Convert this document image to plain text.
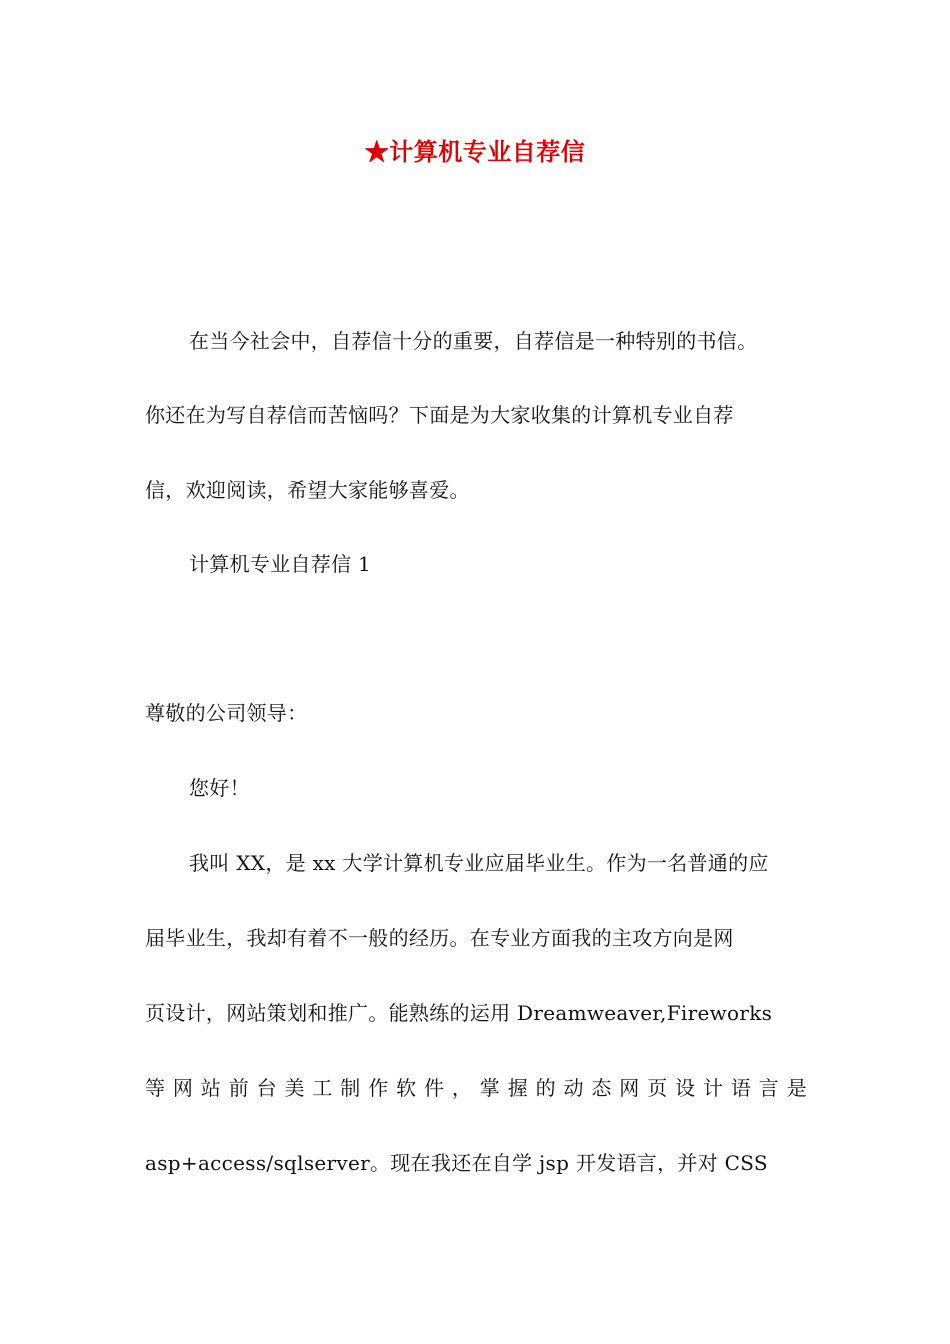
★计算机专业自荐信
在当今社会中，自荐信十分的重要，自荐信是一种特别的书信。
你还在为写自荐信而苦恼吗？下面是为大家收集的计算机专业自荐
信，欢迎阅读，希望大家能够喜爱。
计算机专业自荐信 1
尊敬的公司领导：
您好！
我叫 XX，是 xx 大学计算机专业应届毕业生。作为一名普通的应
届毕业生，我却有着不一般的经历。在专业方面我的主攻方向是网
页设计，网站策划和推广。能熟练的运用 Dreamweaver,Fireworks
等网站前台美工制作软件，掌握的动态网页设计语言是
asp+access/sqlserver。现在我还在自学 jsp 开发语言，并对 CSS
